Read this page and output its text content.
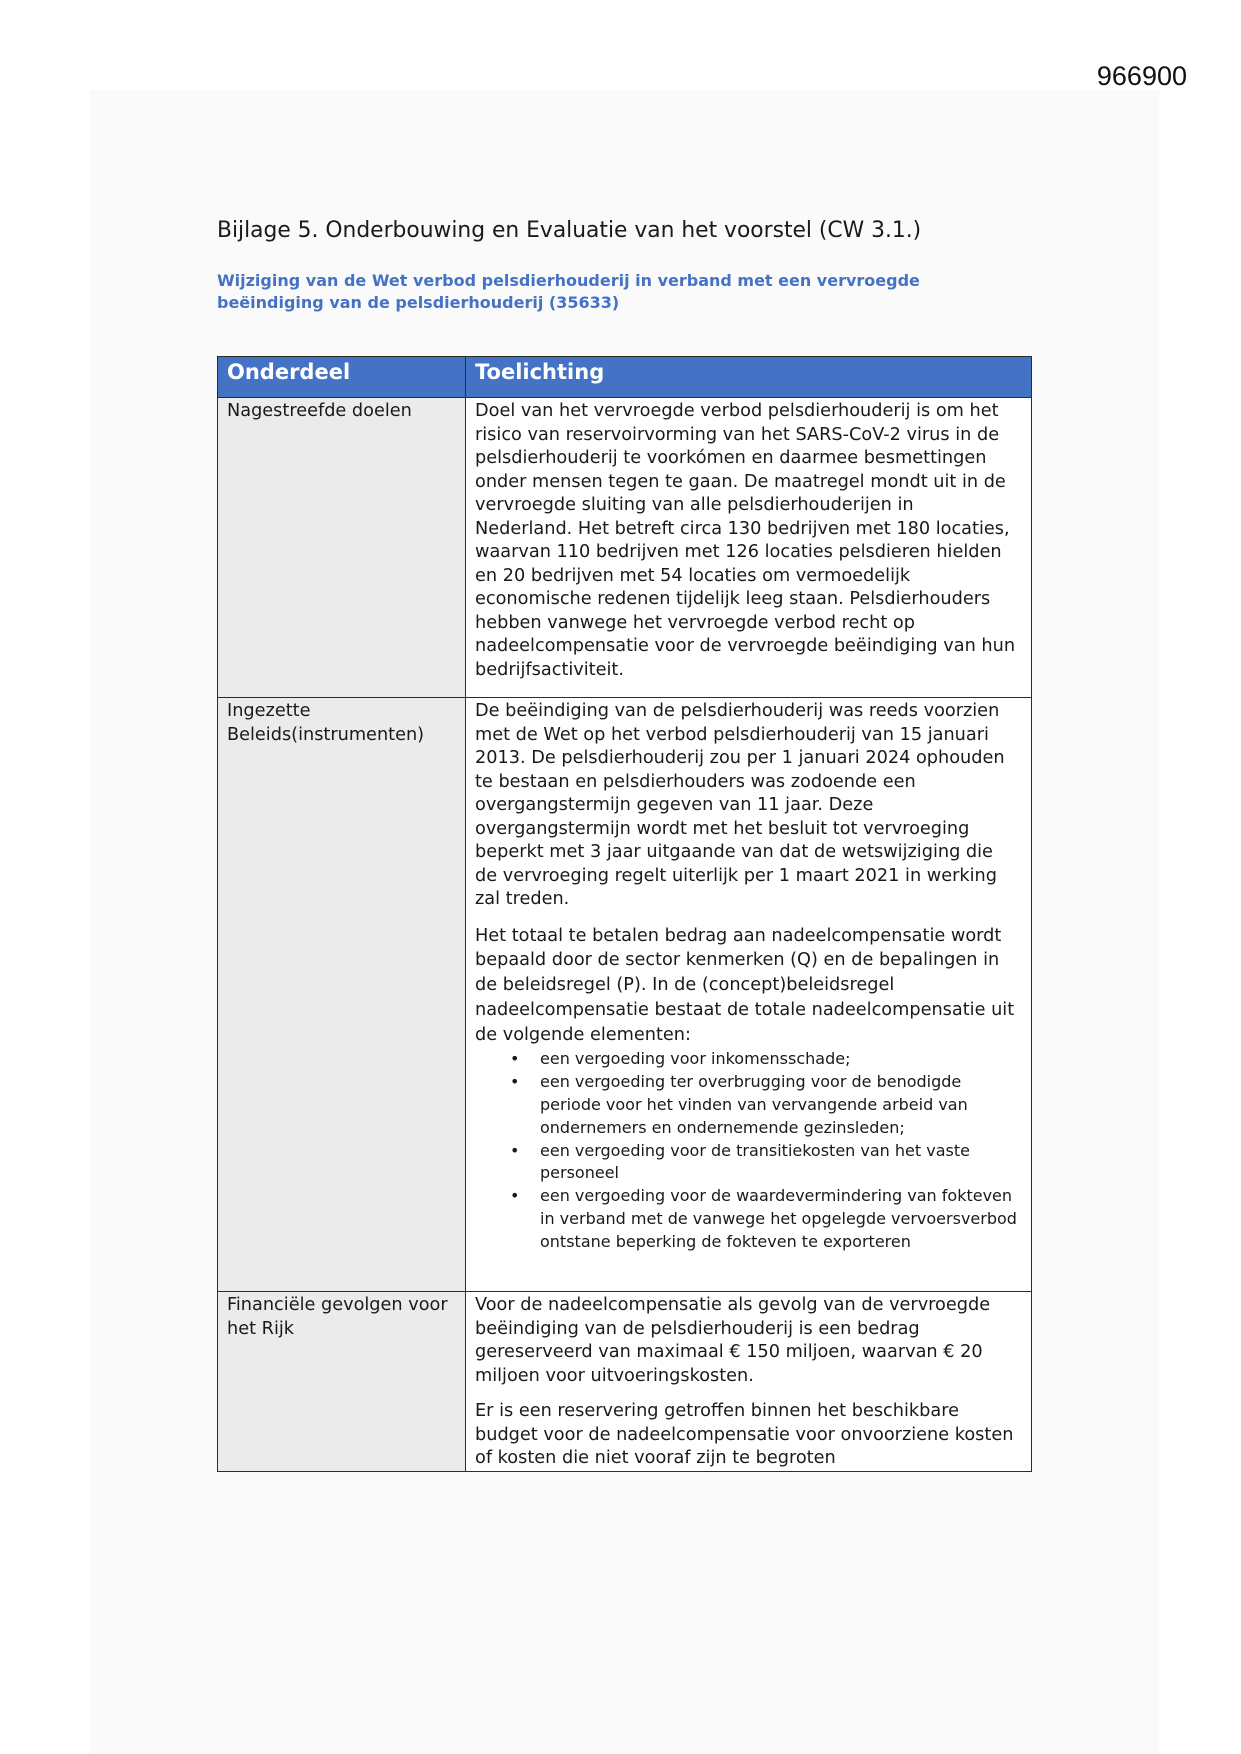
966900
Bijlage 5. Onderbouwing en Evaluatie van het voorstel (CW 3.1.)
Wijziging van de Wet verbod pelsdierhouderij in verband met een vervroegde
beëindiging van de pelsdierhouderij (35633)
Onderdeel	Toelichting
Nagestreefde doelen	Doel van het vervroegde verbod pelsdierhouderij is om het
risico van reservoirvorming van het SARS-CoV-2 virus in de
pelsdierhouderij te voorkómen en daarmee besmettingen
onder mensen tegen te gaan. De maatregel mondt uit in de
vervroegde sluiting van alle pelsdierhouderijen in
Nederland. Het betreft circa 130 bedrijven met 180 locaties,
waarvan 110 bedrijven met 126 locaties pelsdieren hielden
en 20 bedrijven met 54 locaties om vermoedelijk
economische redenen tijdelijk leeg staan. Pelsdierhouders
hebben vanwege het vervroegde verbod recht op
nadeelcompensatie voor de vervroegde beëindiging van hun
bedrijfsactiviteit.

Ingezette
Beleids(instrumenten)

De beëindiging van de pelsdierhouderij was reeds voorzien
met de Wet op het verbod pelsdierhouderij van 15 januari
2013. De pelsdierhouderij zou per 1 januari 2024 ophouden
te bestaan en pelsdierhouders was zodoende een
overgangstermijn gegeven van 11 jaar. Deze
overgangstermijn wordt met het besluit tot vervroeging
beperkt met 3 jaar uitgaande van dat de wetswijziging die
de vervroeging regelt uiterlijk per 1 maart 2021 in werking
zal treden.

Het totaal te betalen bedrag aan nadeelcompensatie wordt
bepaald door de sector kenmerken (Q) en de bepalingen in
de beleidsregel (P). In de (concept)beleidsregel
nadeelcompensatie bestaat de totale nadeelcompensatie uit
de volgende elementen:

• een vergoeding voor inkomensschade;
• een vergoeding ter overbrugging voor de benodigde
periode voor het vinden van vervangende arbeid van
ondernemers en ondernemende gezinsleden;
• een vergoeding voor de transitiekosten van het vaste
personeel
• een vergoeding voor de waardevermindering van fokteven
in verband met de vanwege het opgelegde vervoersverbod
ontstane beperking de fokteven te exporteren
Financiële gevolgen voor
het Rijk

Voor de nadeelcompensatie als gevolg van de vervroegde
beëindiging van de pelsdierhouderij is een bedrag
gereserveerd van maximaal € 150 miljoen, waarvan € 20
miljoen voor uitvoeringskosten.

Er is een reservering getroffen binnen het beschikbare
budget voor de nadeelcompensatie voor onvoorziene kosten
of kosten die niet vooraf zijn te begroten
